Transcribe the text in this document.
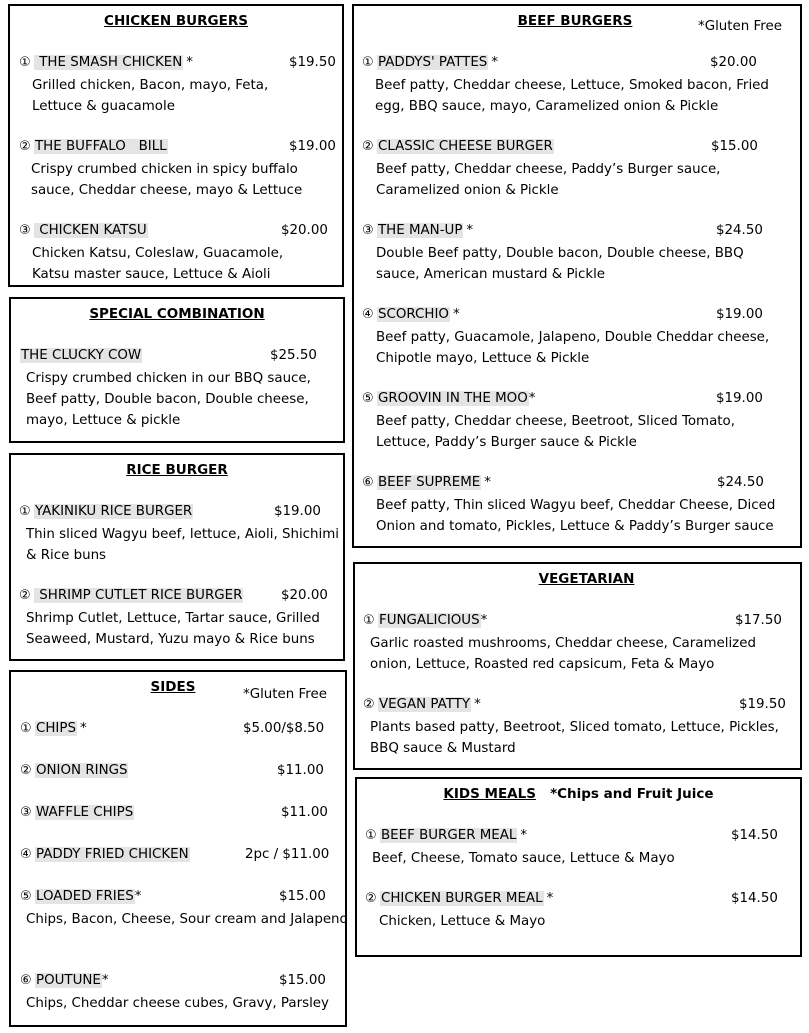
CHICKEN BURGERS
① THE SMASH CHICKEN *	$19.50
Grilled chicken, Bacon, mayo, Feta, Lettuce & guacamole
② THE BUFFALO   BILL	$19.00
Crispy crumbed chicken in spicy buffalo sauce, Cheddar cheese, mayo & Lettuce
③ CHICKEN KATSU	$20.00
Chicken Katsu, Coleslaw, Guacamole, Katsu master sauce, Lettuce & Aioli
SPECIAL COMBINATION
THE CLUCKY COW	$25.50
Crispy crumbed chicken in our BBQ sauce, Beef patty, Double bacon, Double cheese, mayo, Lettuce & pickle
RICE BURGER
① YAKINIKU RICE BURGER	$19.00
Thin sliced Wagyu beef, lettuce, Aioli, Shichimi & Rice buns
② SHRIMP CUTLET RICE BURGER	$20.00
Shrimp Cutlet, Lettuce, Tartar sauce, Grilled Seaweed, Mustard, Yuzu mayo & Rice buns
SIDES	*Gluten Free
① CHIPS *	$5.00/$8.50
② ONION RINGS	$11.00
③ WAFFLE CHIPS	$11.00
④ PADDY FRIED CHICKEN	2pc / $11.00
⑤ LOADED FRIES*	$15.00
Chips, Bacon, Cheese, Sour cream and Jalapeno
⑥ POUTUNE*	$15.00
Chips, Cheddar cheese cubes, Gravy, Parsley
BEEF BURGERS	*Gluten Free
① PADDYS' PATTES *	$20.00
Beef patty, Cheddar cheese, Lettuce, Smoked bacon, Fried egg, BBQ sauce, mayo, Caramelized onion & Pickle
② CLASSIC CHEESE BURGER	$15.00
Beef patty, Cheddar cheese, Paddy’s Burger sauce, Caramelized onion & Pickle
③ THE MAN-UP *	$24.50
Double Beef patty, Double bacon, Double cheese, BBQ sauce, American mustard & Pickle
④ SCORCHIO *	$19.00
Beef patty, Guacamole, Jalapeno, Double Cheddar cheese, Chipotle mayo, Lettuce & Pickle
⑤ GROOVIN IN THE MOO*	$19.00
Beef patty, Cheddar cheese, Beetroot, Sliced Tomato, Lettuce, Paddy’s Burger sauce & Pickle
⑥ BEEF SUPREME *	$24.50
Beef patty, Thin sliced Wagyu beef, Cheddar Cheese, Diced Onion and tomato, Pickles, Lettuce & Paddy’s Burger sauce
VEGETARIAN
① FUNGALICIOUS*	$17.50
Garlic roasted mushrooms, Cheddar cheese, Caramelized onion, Lettuce, Roasted red capsicum, Feta & Mayo
② VEGAN PATTY *	$19.50
Plants based patty, Beetroot, Sliced tomato, Lettuce, Pickles, BBQ sauce & Mustard
KIDS MEALS *Chips and Fruit Juice
① BEEF BURGER MEAL *	$14.50
Beef, Cheese, Tomato sauce, Lettuce & Mayo
② CHICKEN BURGER MEAL *	$14.50
Chicken, Lettuce & Mayo
